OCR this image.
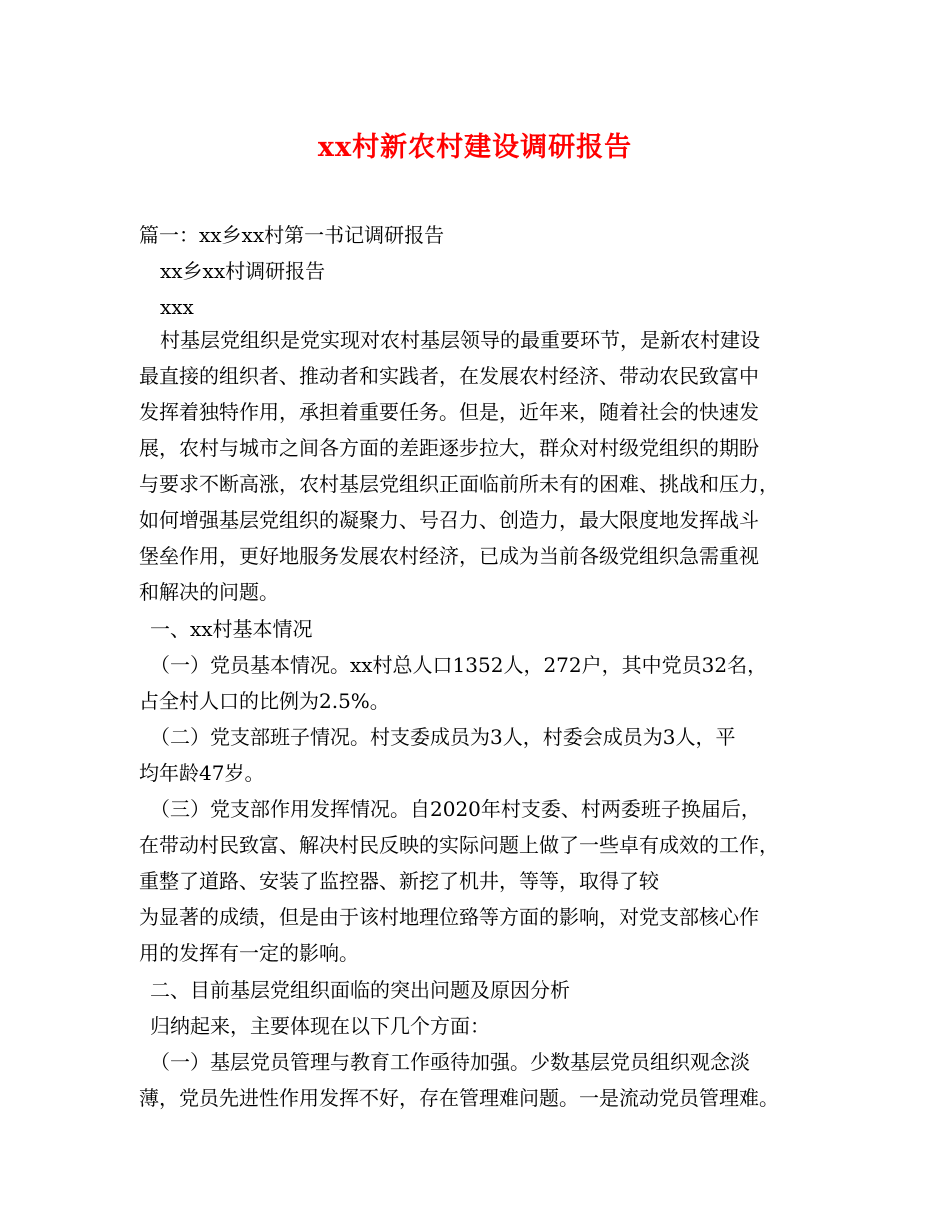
xx村新农村建设调研报告

篇一：xx乡xx村第一书记调研报告

xx乡xx村调研报告

xxx

村基层党组织是党实现对农村基层领导的最重要环节，是新农村建设

最直接的组织者、推动者和实践者，在发展农村经济、带动农民致富中

发挥着独特作用，承担着重要任务。但是，近年来，随着社会的快速发

展，农村与城市之间各方面的差距逐步拉大，群众对村级党组织的期盼

与要求不断高涨，农村基层党组织正面临前所未有的困难、挑战和压力，

如何增强基层党组织的凝聚力、号召力、创造力，最大限度地发挥战斗

堡垒作用，更好地服务发展农村经济，已成为当前各级党组织急需重视

和解决的问题。

一、xx村基本情况

（一）党员基本情况。xx村总人口1352人，272户，其中党员32名，

占全村人口的比例为2.5%。

（二）党支部班子情况。村支委成员为3人，村委会成员为3人，平

均年龄47岁。

（三）党支部作用发挥情况。自2020年村支委、村两委班子换届后，

在带动村民致富、解决村民反映的实际问题上做了一些卓有成效的工作，

重整了道路、安装了监控器、新挖了机井，等等，取得了较

为显著的成绩，但是由于该村地理位臵等方面的影响，对党支部核心作

用的发挥有一定的影响。

二、目前基层党组织面临的突出问题及原因分析

归纳起来，主要体现在以下几个方面：

（一）基层党员管理与教育工作亟待加强。少数基层党员组织观念淡

薄，党员先进性作用发挥不好，存在管理难问题。一是流动党员管理难。
